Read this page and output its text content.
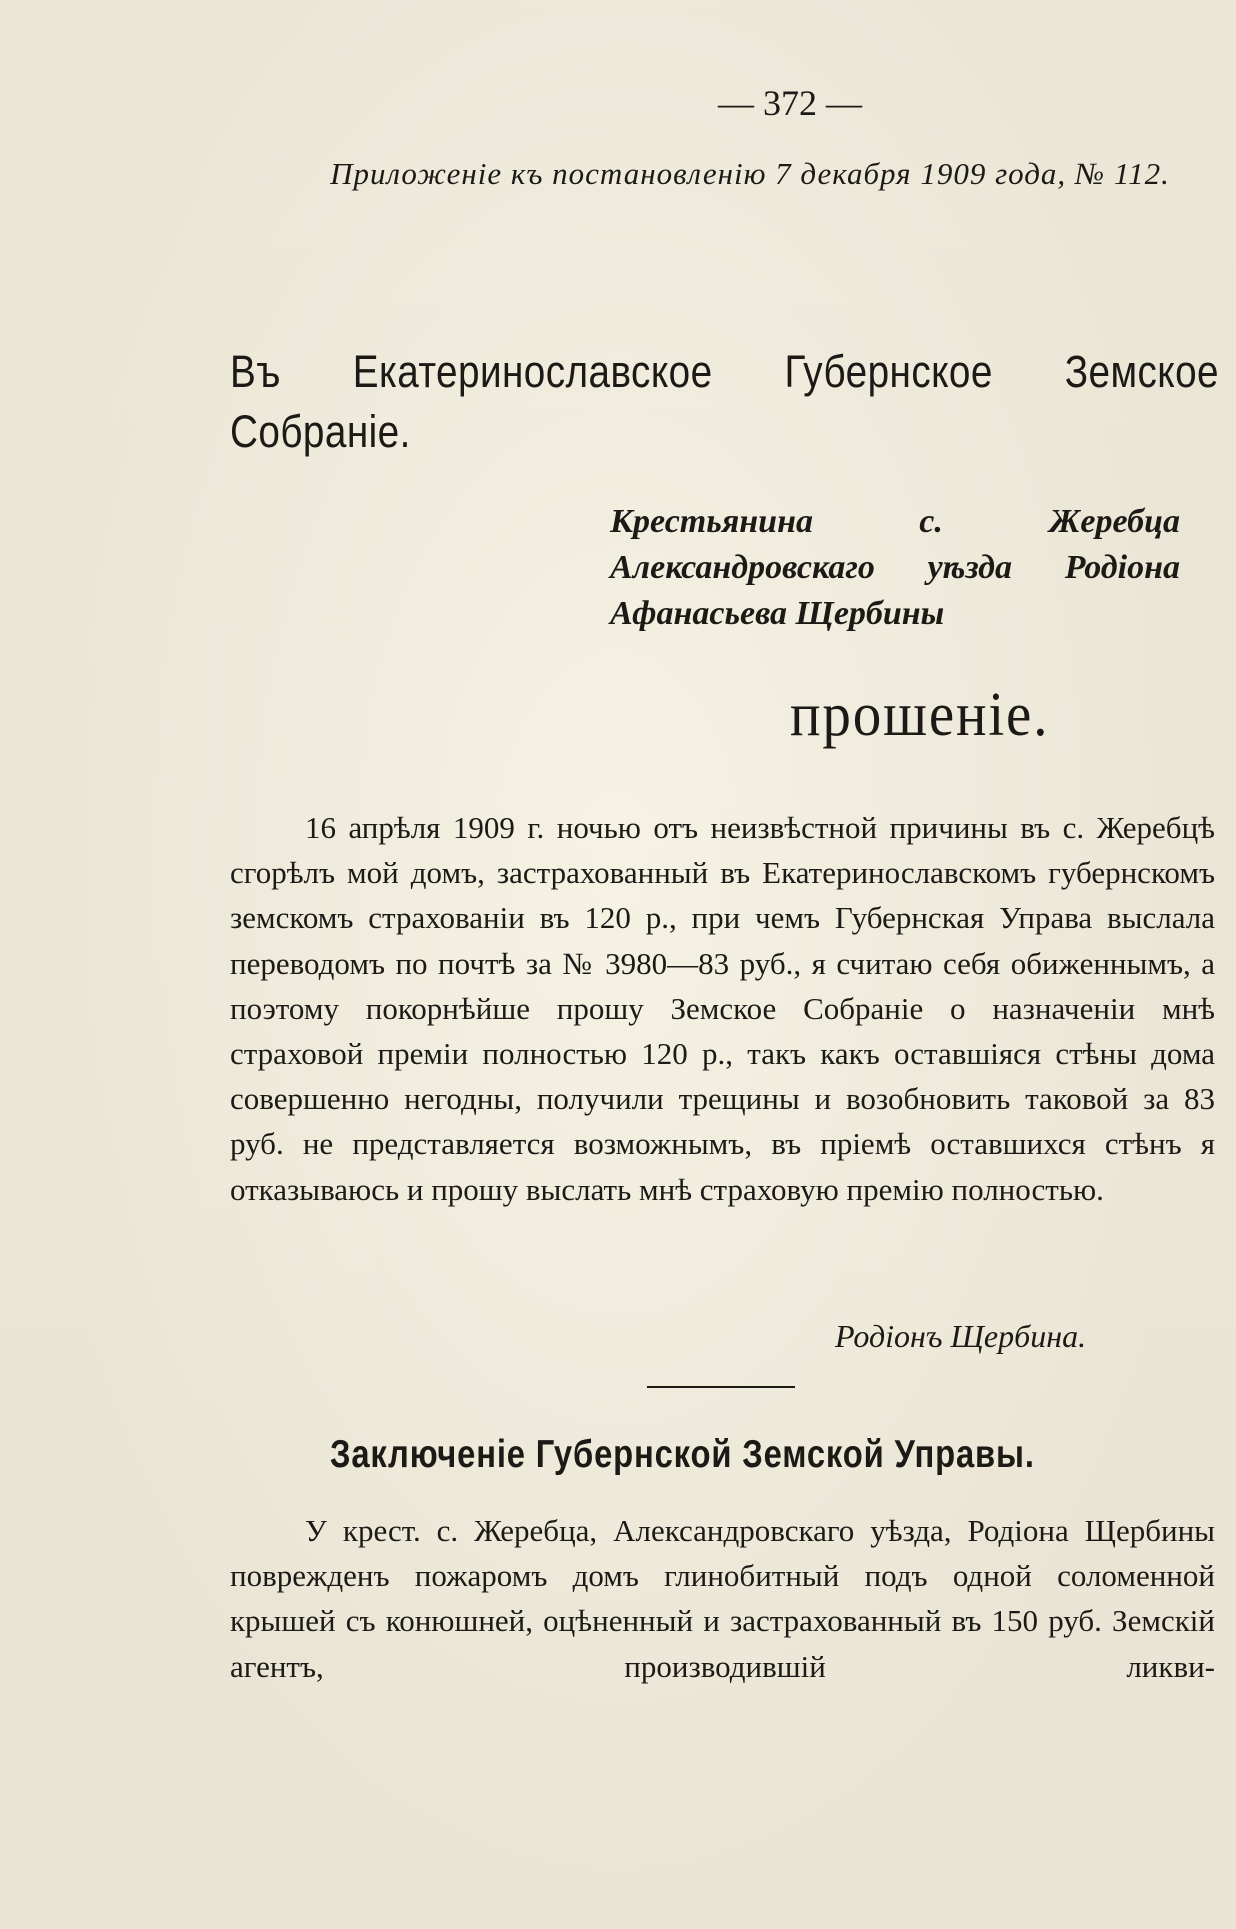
— 372 —
Приложеніе къ постановленію 7 декабря 1909 года, № 112.
Въ Екатеринославское Губернское Земское Собраніе.
Крестьянина с. Жеребца Александровскаго уѣзда Родіона Афанасьева Щербины
прошеніе.

16 апрѣля 1909 г. ночью отъ неизвѣстной причины въ с. Жеребцѣ сгорѣлъ мой домъ, застрахованный въ Екатеринославскомъ губернскомъ земскомъ страхованіи въ 120 р., при чемъ Губернская Управа выслала переводомъ по почтѣ за № 3980—83 руб., я считаю себя обиженнымъ, а поэтому покорнѣйше прошу Земское Собраніе о назначеніи мнѣ страховой преміи полностью 120 р., такъ какъ оставшіяся стѣны дома совершенно негодны, получили трещины и возобновить таковой за 83 руб. не представляется возможнымъ, въ пріемѣ оставшихся стѣнъ я отказываюсь и прошу выслать мнѣ страховую премію полностью.

Родіонъ Щербина.
Заключеніе Губернской Земской Управы.

У крест. с. Жеребца, Александровскаго уѣзда, Родіона Щербины поврежденъ пожаромъ домъ глинобитный подъ одной соломенной крышей съ конюшней, оцѣненный и застрахованный въ 150 руб. Земскій агентъ, производившій ликви-
